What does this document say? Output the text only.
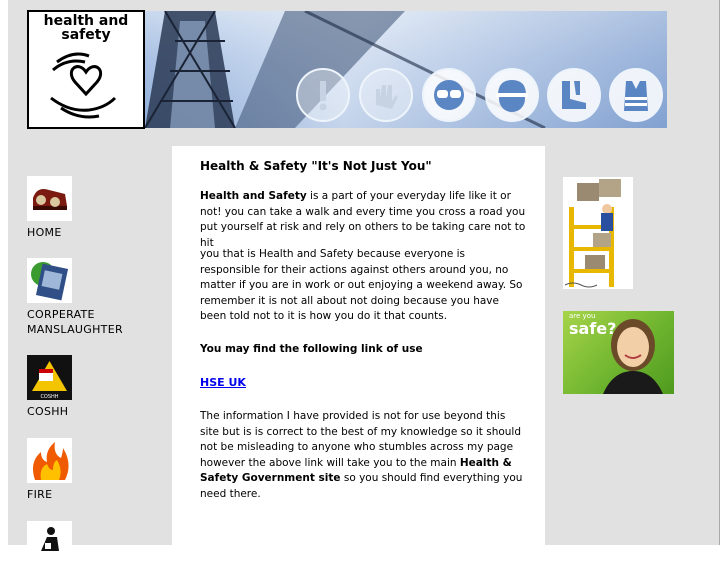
health and
safety
HOME
CORPERATE
MANSLAUGHTER
COSHH
COSHH
FIRE
Health & Safety "It's Not Just You"

Health and Safety is a part of your everyday life like it or not! you can take a walk and every time you cross a road you put yourself at risk and rely on others to be taking care not to hit

you that is Health and Safety because everyone is responsible for their actions against others around you, no matter if you are in work or out enjoying a weekend away. So remember it is not all about not doing because you have been told not to it is how you do it that counts.

You may find the following link of use

HSE UK

The information I have provided is not for use beyond this site but is is correct to the best of my knowledge so it should not be misleading to anyone who stumbles across my page however the above link will take you to the main Health & Safety Government site so you should find everything you need there.

are you
safe?
